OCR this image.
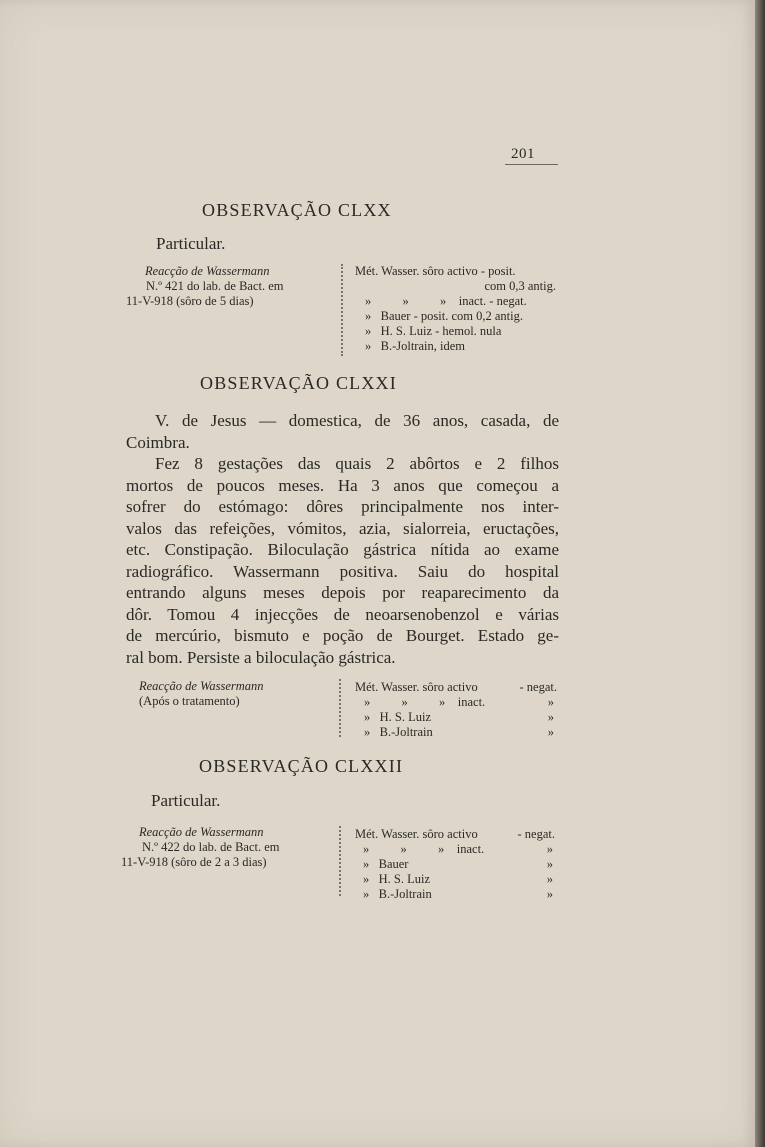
201
OBSERVAÇÃO CLXX
Particular.
Reacção de Wassermann
N.º 421 do lab. de Bact. em
11-V-918 (sôro de 5 dias)
Mét. Wasser. sôro activo - posit.
com 0,3 antig.
»          »          »    inact. - negat.
»   Bauer - posit. com 0,2 antig.
»   H. S. Luiz - hemol. nula
»   B.-Joltrain, idem
OBSERVAÇÃO CLXXI
V. de Jesus — domestica, de 36 anos, casada, de
Coimbra.
Fez 8 gestações das quais 2 abôrtos e 2 filhos
mortos de poucos meses. Ha 3 anos que começou a
sofrer do estómago: dôres principalmente nos inter-
valos das refeições, vómitos, azia, sialorreia, eructações,
etc. Constipação. Biloculação gástrica nítida ao exame
radiográfico. Wassermann positiva. Saiu do hospital
entrando alguns meses depois por reaparecimento da
dôr. Tomou 4 injecções de neoarsenobenzol e várias
de mercúrio, bismuto e poção de Bourget. Estado ge-
ral bom. Persiste a biloculação gástrica.
Reacção de Wassermann
(Após o tratamento)
Mét. Wasser. sôro activo	- negat.
»          »          »    inact.	»
»   H. S. Luiz	»
»   B.-Joltrain	»
OBSERVAÇÃO CLXXII
Particular.
Reacção de Wassermann
N.º 422 do lab. de Bact. em
11-V-918 (sôro de 2 a 3 dias)
Mét. Wasser. sôro activo	- negat.
»          »          »    inact.	»
»   Bauer	»
»   H. S. Luiz	»
»   B.-Joltrain	»
